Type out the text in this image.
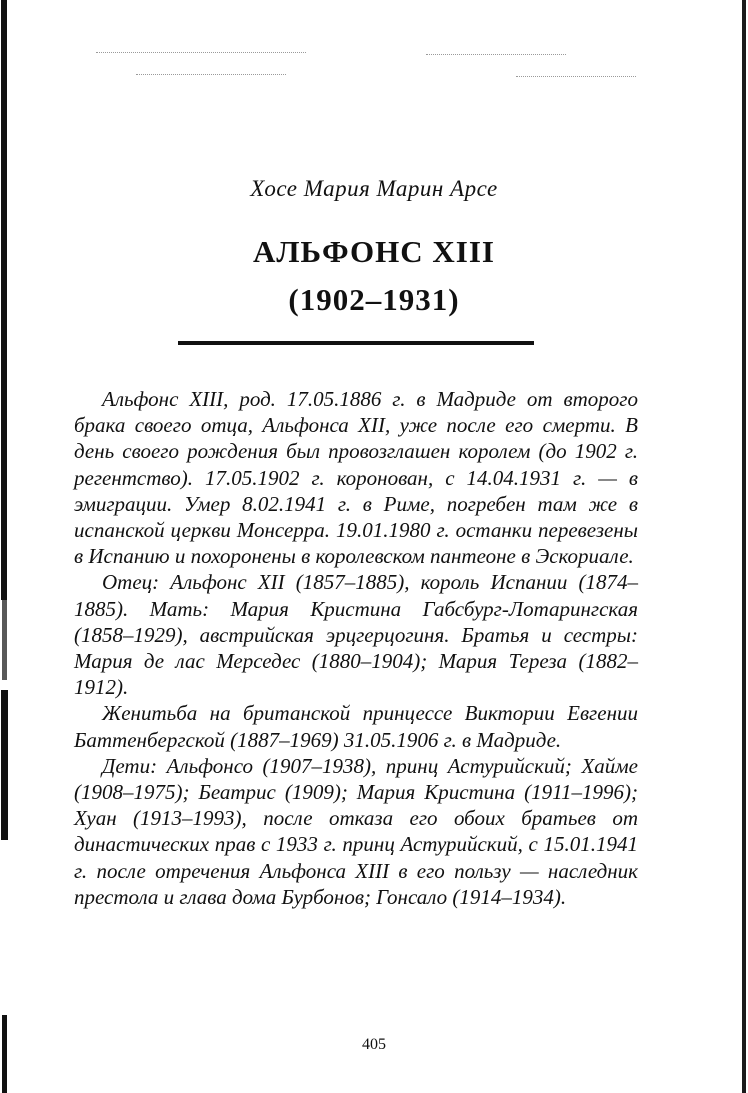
Хосе Мария Марин Арсе
АЛЬФОНС XIII
(1902–1931)

Альфонс XIII, род. 17.05.1886 г. в Мадриде от второго брака своего отца, Альфонса XII, уже после его смерти. В день своего рождения был провозглашен королем (до 1902 г. регентство). 17.05.1902 г. коронован, с 14.04.1931 г. — в эмиграции. Умер 8.02.1941 г. в Риме, погребен там же в испанской церкви Монсерра. 19.01.1980 г. останки перевезены в Испанию и похоронены в королевском пантеоне в Эскориале.

Отец: Альфонс XII (1857–1885), король Испании (1874–1885). Мать: Мария Кристина Габсбург-Лотарингская (1858–1929), австрийская эрцгерцогиня. Братья и сестры: Мария де лас Мерседес (1880–1904); Мария Тереза (1882–1912).

Женитьба на британской принцессе Виктории Евгении Баттенбергской (1887–1969) 31.05.1906 г. в Мадриде.

Дети: Альфонсо (1907–1938), принц Астурийский; Хайме (1908–1975); Беатрис (1909); Мария Кристина (1911–1996); Хуан (1913–1993), после отказа его обоих братьев от династических прав с 1933 г. принц Астурийский, с 15.01.1941 г. после отречения Альфонса XIII в его пользу — наследник престола и глава дома Бурбонов; Гонсало (1914–1934).

405
